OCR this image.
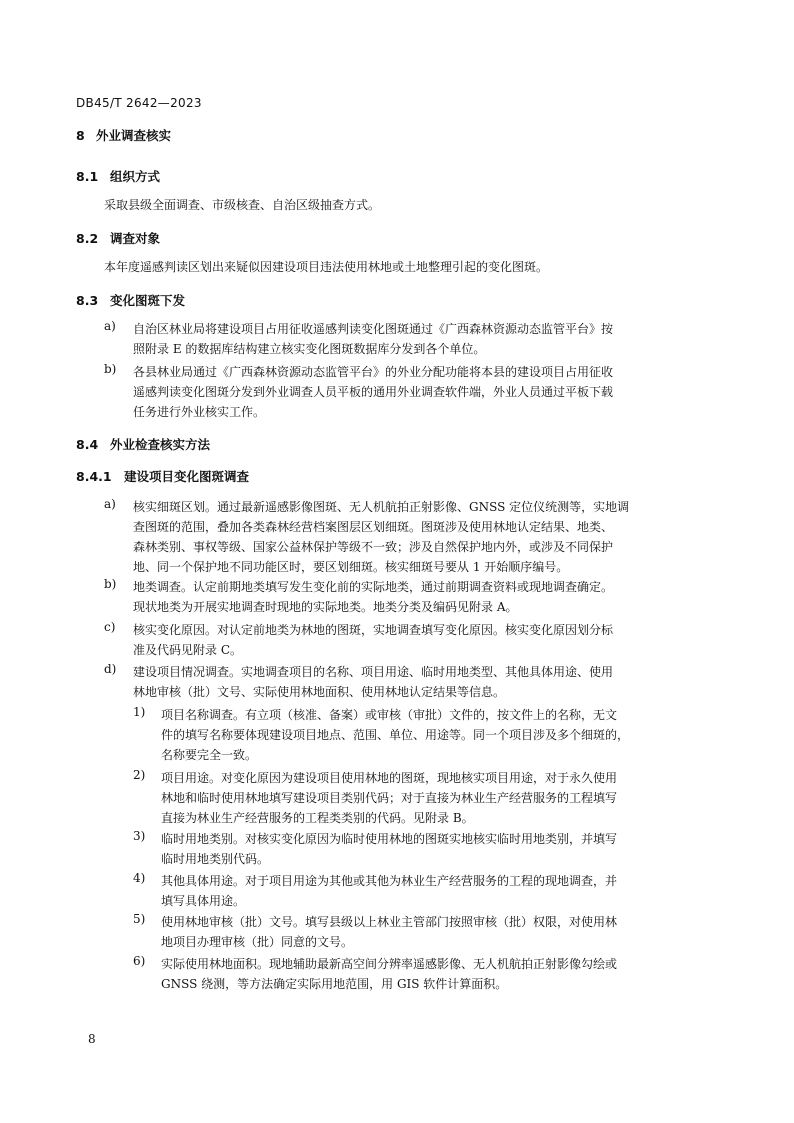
DB45/T 2642—2023
8 外业调查核实
8.1 组织方式
采取县级全面调查、市级核查、自治区级抽查方式。
8.2 调查对象
本年度遥感判读区划出来疑似因建设项目违法使用林地或土地整理引起的变化图斑。
8.3 变化图斑下发
a) 自治区林业局将建设项目占用征收遥感判读变化图斑通过《广西森林资源动态监管平台》按
照附录 E 的数据库结构建立核实变化图斑数据库分发到各个单位。
b) 各县林业局通过《广西森林资源动态监管平台》的外业分配功能将本县的建设项目占用征收
遥感判读变化图斑分发到外业调查人员平板的通用外业调查软件端，外业人员通过平板下载
任务进行外业核实工作。
8.4 外业检查核实方法
8.4.1 建设项目变化图斑调查
a) 核实细斑区划。通过最新遥感影像图斑、无人机航拍正射影像、GNSS 定位仪统测等，实地调
查图斑的范围，叠加各类森林经营档案图层区划细斑。图斑涉及使用林地认定结果、地类、
森林类别、事权等级、国家公益林保护等级不一致；涉及自然保护地内外，或涉及不同保护
地、同一个保护地不同功能区时，要区划细斑。核实细斑号要从 1 开始顺序编号。
b) 地类调查。认定前期地类填写发生变化前的实际地类，通过前期调查资料或现地调查确定。
现状地类为开展实地调查时现地的实际地类。地类分类及编码见附录 A。
c) 核实变化原因。对认定前地类为林地的图斑，实地调查填写变化原因。核实变化原因划分标
准及代码见附录 C。
d) 建设项目情况调查。实地调查项目的名称、项目用途、临时用地类型、其他具体用途、使用
林地审核（批）文号、实际使用林地面积、使用林地认定结果等信息。
1) 项目名称调查。有立项（核准、备案）或审核（审批）文件的，按文件上的名称，无文
件的填写名称要体现建设项目地点、范围、单位、用途等。同一个项目涉及多个细斑的，
名称要完全一致。
2) 项目用途。对变化原因为建设项目使用林地的图斑，现地核实项目用途，对于永久使用
林地和临时使用林地填写建设项目类别代码；对于直接为林业生产经营服务的工程填写
直接为林业生产经营服务的工程类类别的代码。见附录 B。
3) 临时用地类别。对核实变化原因为临时使用林地的图斑实地核实临时用地类别，并填写
临时用地类别代码。
4) 其他具体用途。对于项目用途为其他或其他为林业生产经营服务的工程的现地调查，并
填写具体用途。
5) 使用林地审核（批）文号。填写县级以上林业主管部门按照审核（批）权限，对使用林
地项目办理审核（批）同意的文号。
6) 实际使用林地面积。现地辅助最新高空间分辨率遥感影像、无人机航拍正射影像勾绘或
GNSS 绕测，等方法确定实际用地范围，用 GIS 软件计算面积。
8
